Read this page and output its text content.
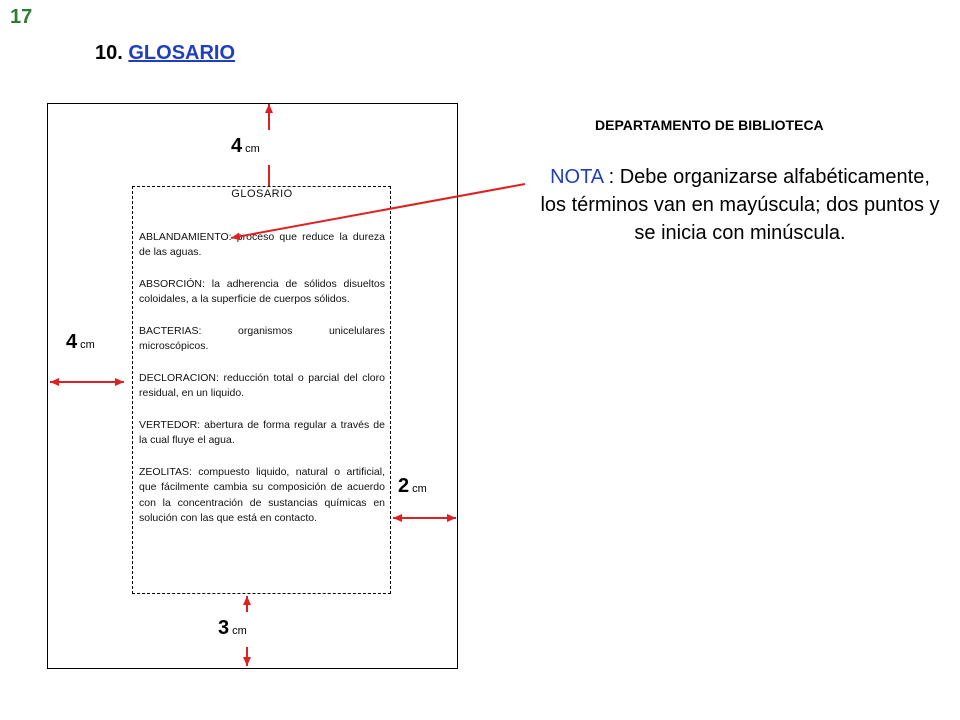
17
10. GLOSARIO
GLOSARIO
ABLANDAMIENTO: proceso que reduce la dureza de las aguas.
ABSORCIÓN: la adherencia de sólidos disueltos coloidales, a la superficie de cuerpos sólidos.
BACTERIAS: organismos unicelulares microscópicos.
DECLORACION: reducción total o parcial del cloro residual, en un liquido.
VERTEDOR: abertura de forma regular a través de la cual fluye el agua.
ZEOLITAS: compuesto liquido, natural o artificial, que fácilmente cambia su composición de acuerdo con la concentración de sustancias químicas en solución con las que está en contacto.
4 cm
4 cm
2 cm
3 cm
DEPARTAMENTO DE BIBLIOTECA
NOTA : Debe organizarse alfabéticamente, los términos van en mayúscula; dos puntos y se inicia con minúscula.
